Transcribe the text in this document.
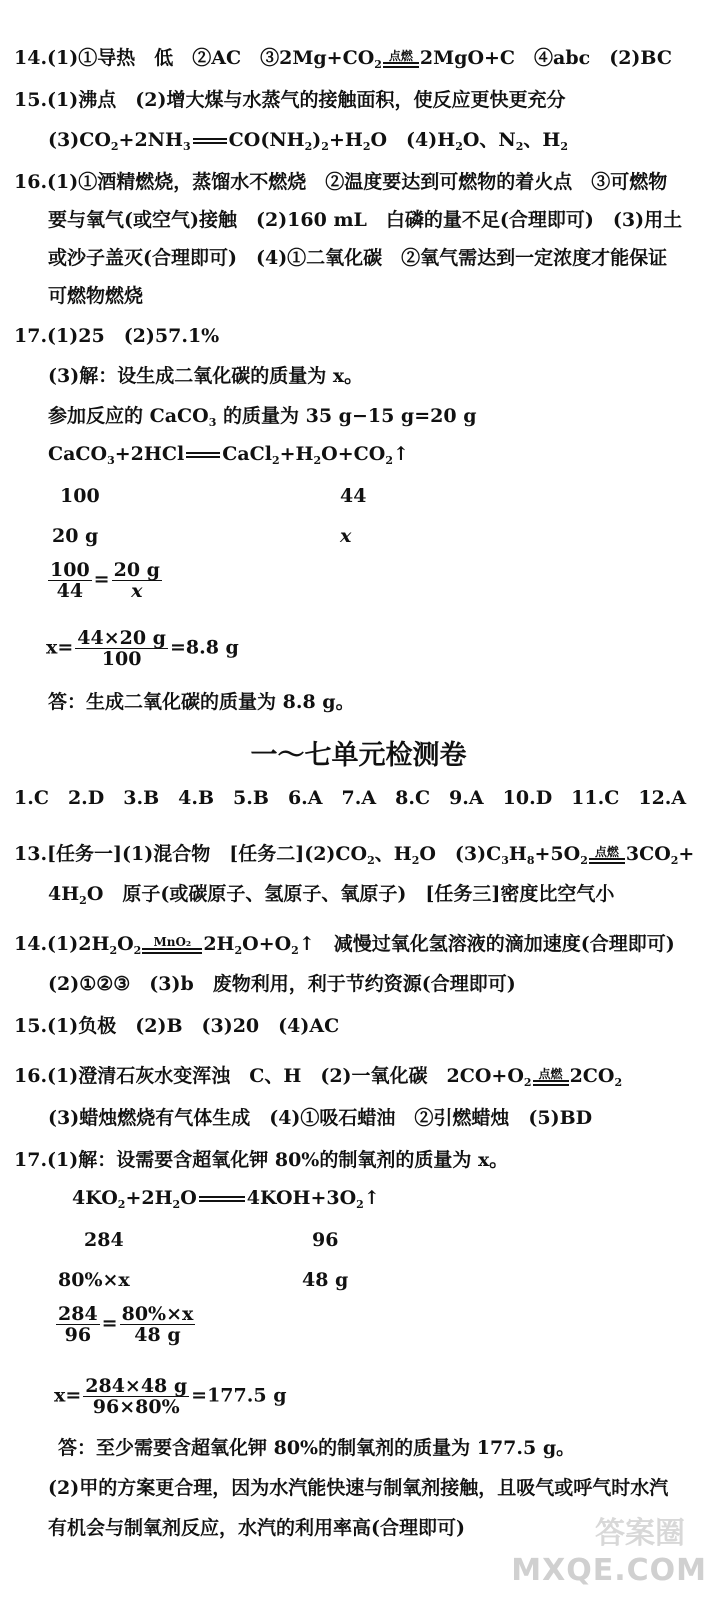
14.(1)①导热　低　②AC　$③2Mg+CO_2$
点燃 2MgO+C　④abc　(2)BC
15.(1)沸点　(2)增大煤与水蒸气的接触面积，使反应更快更充分
$(3)CO_2+2NH_3$ $CO(NH_2)_2+H_2O$　$(4)H_2O$、$N_2$、$H_2$
16.(1)①酒精燃烧，蒸馏水不燃烧　②温度要达到可燃物的着火点　③可燃物
要与氧气(或空气)接触　(2)160 mL　白磷的量不足(合理即可)　(3)用土
或沙子盖灭(合理即可)　(4)①二氧化碳　②氧气需达到一定浓度才能保证
可燃物燃烧
17.(1)25　(2)57.1%
(3)解：设生成二氧化碳的质量为 x。
参加反应的 CaCO$_3$ 的质量为 35 g−15 g=20 g
CaCO$_3$+2HCl $CaCl_2+H_2O+CO_2↑$
100	44
20 g	x
$\frac{100}{44} = \frac{20 g}{x}$
$x= \frac{44\times 20 g}{100} =8.8$ g
答：生成二氧化碳的质量为 8.8 g。
一～七单元检测卷
1.C　2.D　3.B　4.B　5.B　6.A　7.A　8.C　9.A　10.D　11.C　12.A
13.[任务一](1)混合物　[任务二]$(2)CO_2$、$H_2O$　$(3)C_3H_8+5O_2$
点燃 $3CO_2+$
$4H_2O$　原子(或碳原子、氢原子、氧原子)　[任务三]密度比空气小
$14.(1)2H_2O_2$
MnO₂ $2H_2O+O_2↑$　减慢过氧化氢溶液的滴加速度(合理即可)
(2)①②③　(3)b　废物利用，利于节约资源(合理即可)
15.(1)负极　(2)B　(3)20　(4)AC
16.(1)澄清石灰水变浑浊　C、H　(2)一氧化碳　$2CO+O_2$
点燃 $2CO_2$
(3)蜡烛燃烧有气体生成　(4)①吸石蜡油　②引燃蜡烛　(5)BD
17.(1)解：设需要含超氧化钾 80%的制氧剂的质量为 x。
$4KO_2+2H_2O$	$4KOH+3O_2↑$
284	96
80%×x	48 g
$\frac{284}{96} = \frac{80\%\times x}{48 g}$
$x= \frac{284\times 48 g}{96\times 80\%} =177.5$ g
答：至少需要含超氧化钾 80%的制氧剂的质量为 177.5 g。
(2)甲的方案更合理，因为水汽能快速与制氧剂接触，且吸气或呼气时水汽
有机会与制氧剂反应，水汽的利用率高(合理即可)	答案圈
MXQE.COM
